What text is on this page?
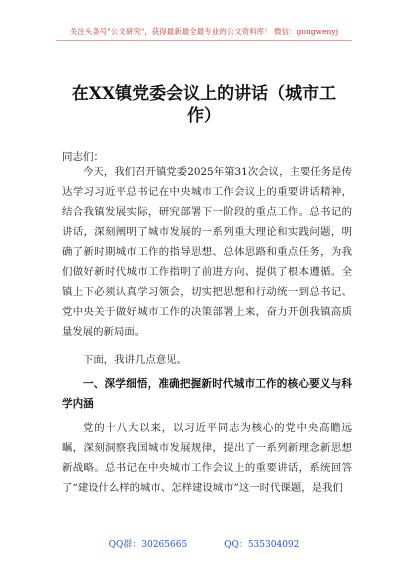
关注头条号"公文研究"，获得最新最全最专业的公文资料库！ 微信：gongwenyj
在XX镇党委会议上的讲话（城市工作）
同志们：

今天，我们召开镇党委2025年第31次会议，主要任务是传达学习习近平总书记在中央城市工作会议上的重要讲话精神，结合我镇发展实际，研究部署下一阶段的重点工作。总书记的讲话，深刻阐明了城市发展的一系列重大理论和实践问题，明确了新时期城市工作的指导思想、总体思路和重点任务，为我们做好新时代城市工作指明了前进方向、提供了根本遵循。全镇上下必须认真学习领会，切实把思想和行动统一到总书记、党中央关于做好城市工作的决策部署上来，奋力开创我镇高质量发展的新局面。

下面，我讲几点意见。

一、深学细悟，准确把握新时代城市工作的核心要义与科学内涵

党的十八大以来，以习近平同志为核心的党中央高瞻远瞩，深刻洞察我国城市发展规律，提出了一系列新理念新思想新战略。总书记在中央城市工作会议上的重要讲话，系统回答了“建设什么样的城市、怎样建设城市”这一时代课题，是我们

QQ群：30265665	QQ：535304092
